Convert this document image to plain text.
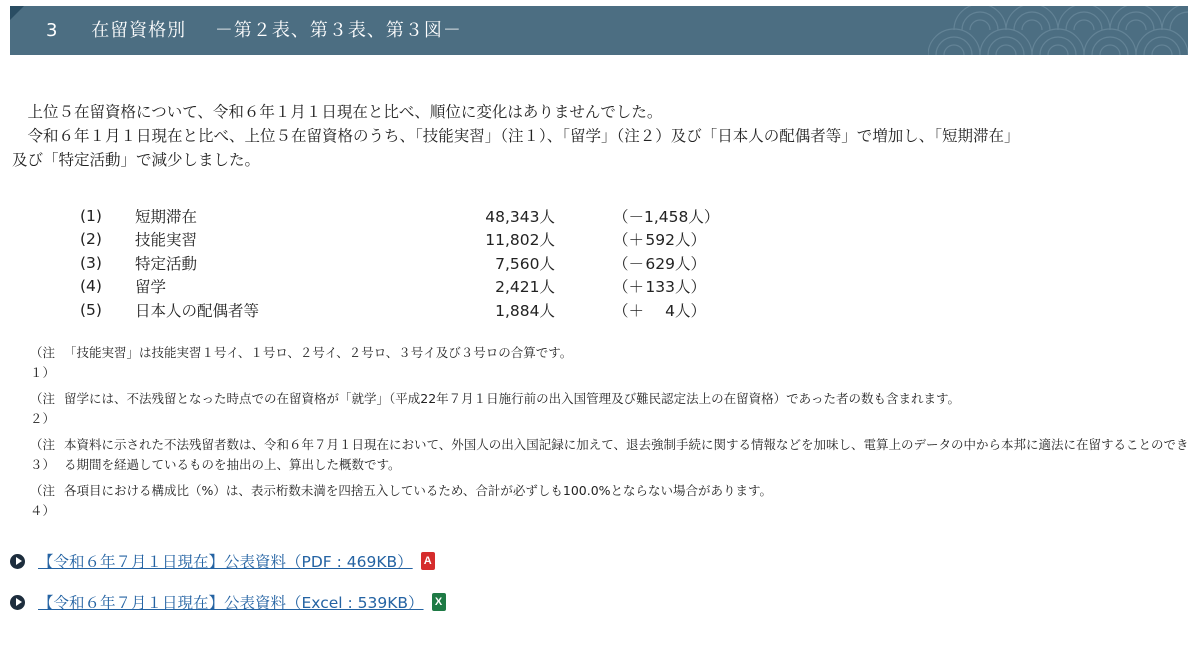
3 在留資格別 －第２表、第３表、第３図－

上位５在留資格について、令和６年１月１日現在と比べ、順位に変化はありませんでした。

令和６年１月１日現在と比べ、上位５在留資格のうち、「技能実習」（注１）、「留学」（注２）及び「日本人の配偶者等」で増加し、「短期滞在」

及び「特定活動」で減少しました。

(1)	短期滞在	48,343人	（－1,458人）
(2)	技能実習	11,802人	（＋592人）
(3)	特定活動	7,560人	（－629人）
(4)	留学	2,421人	（＋133人）
(5)	日本人の配偶者等	1,884人	（＋ 4人）
（注１）
「技能実習」は技能実習１号イ、１号ロ、２号イ、２号ロ、３号イ及び３号ロの合算です。
（注２）
留学には、不法残留となった時点での在留資格が「就学」（平成22年７月１日施行前の出入国管理及び難民認定法上の在留資格）であった者の数も含まれます。
（注３）
本資料に示された不法残留者数は、令和６年７月１日現在において、外国人の出入国記録に加えて、退去強制手続に関する情報などを加味し、電算上のデータの中から本邦に適法に在留することのできる期間を経過しているものを抽出の上、算出した概数です。
（注４）
各項目における構成比（%）は、表示桁数未満を四捨五入しているため、合計が必ずしも100.0%とならない場合があります。
【令和６年７月１日現在】公表資料（PDF : 469KB） A
【令和６年７月１日現在】公表資料（Excel : 539KB）	X
